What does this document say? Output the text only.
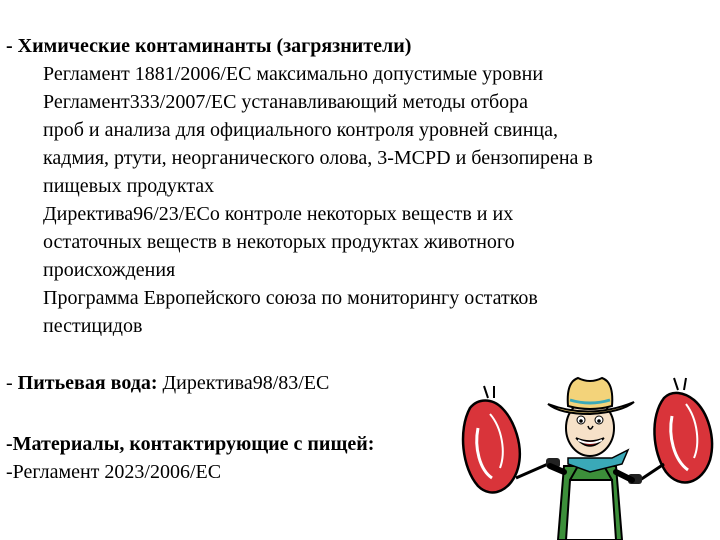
- Химические контаминанты (загрязнители)

Регламент 1881/2006/ЕС максимально допустимые уровни

Регламент333/2007/ЕС устанавливающий методы отбора

проб и анализа для официального контроля уровней свинца,

кадмия, ртути, неорганического олова, 3-MCPD и бензопирена в

пищевых продуктах

Директива96/23/ЕСо контроле некоторых веществ и их

остаточных веществ в некоторых продуктах животного

происхождения

Программа Европейского союза по мониторингу остатков

пестицидов

- Питьевая вода: Директива98/83/ЕС

-Материалы, контактирующие с пищей:

-Регламент 2023/2006/ЕС
